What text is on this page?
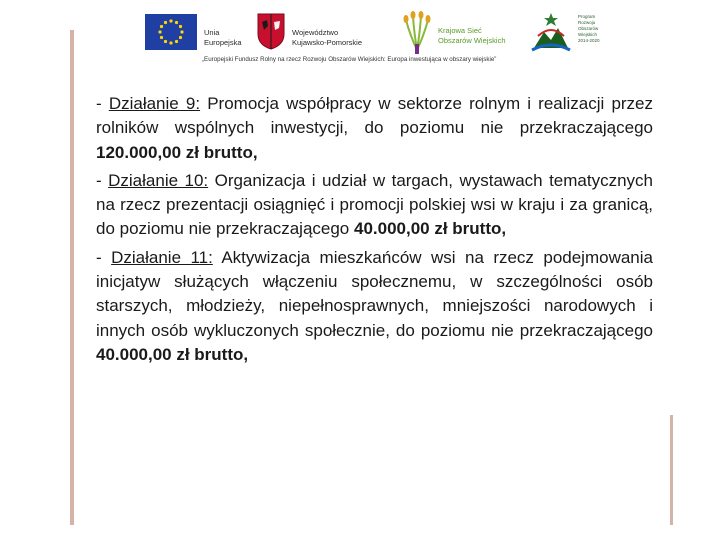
Unia
Europejska
Województwo
Kujawsko-Pomorskie
Krajowa Sieć
Obszarów Wiejskich
Program Rozwoju Obszarów Wiejskich 2014-2020
„Europejski Fundusz Rolny na rzecz Rozwoju Obszarów Wiejskich: Europa inwestująca w obszary wiejskie”

- Działanie 9: Promocja współpracy w sektorze rolnym i realizacji przez rolników wspólnych inwestycji, do poziomu nie przekraczającego 120.000,00 zł brutto,

- Działanie 10: Organizacja i udział w targach, wystawach tematycznych na rzecz prezentacji osiągnięć i promocji polskiej wsi w kraju i za granicą, do poziomu nie przekraczającego 40.000,00 zł brutto,

- Działanie 11: Aktywizacja mieszkańców wsi na rzecz podejmowania inicjatyw służących włączeniu społecznemu, w szczególności osób starszych, młodzieży, niepełnosprawnych, mniejszości narodowych i innych osób wykluczonych społecznie, do poziomu nie przekraczającego 40.000,00 zł brutto,
